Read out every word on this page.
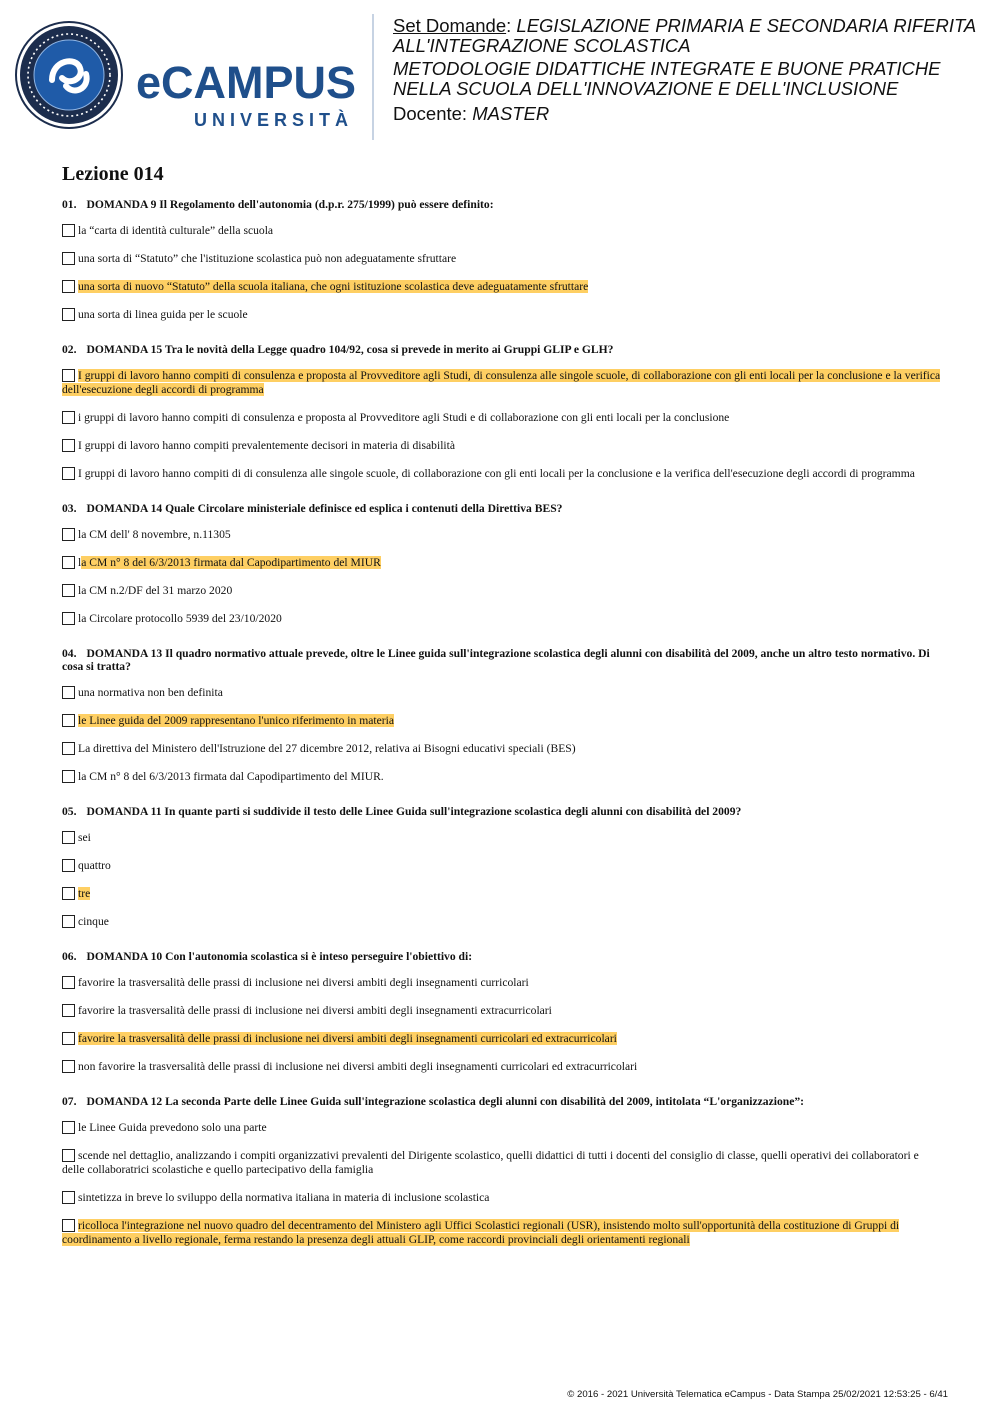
eCAMPUS
UNIVERSITÀ
Set Domande: LEGISLAZIONE PRIMARIA E SECONDARIA RIFERITA
ALL'INTEGRAZIONE SCOLASTICA
METODOLOGIE DIDATTICHE INTEGRATE E BUONE PRATICHE
NELLA SCUOLA DELL'INNOVAZIONE E DELL'INCLUSIONE
Docente: MASTER
Lezione 014
01. DOMANDA 9 Il Regolamento dell'autonomia (d.p.r. 275/1999) può essere definito:
la “carta di identità culturale” della scuola
una sorta di “Statuto” che l'istituzione scolastica può non adeguatamente sfruttare
una sorta di nuovo “Statuto” della scuola italiana, che ogni istituzione scolastica deve adeguatamente sfruttare
una sorta di linea guida per le scuole
02. DOMANDA 15 Tra le novità della Legge quadro 104/92, cosa si prevede in merito ai Gruppi GLIP e GLH?
I gruppi di lavoro hanno compiti di consulenza e proposta al Provveditore agli Studi, di consulenza alle singole scuole, di collaborazione con gli enti locali per la conclusione e la verifica dell'esecuzione degli accordi di programma
i gruppi di lavoro hanno compiti di consulenza e proposta al Provveditore agli Studi e di collaborazione con gli enti locali per la conclusione
I gruppi di lavoro hanno compiti prevalentemente decisori in materia di disabilità
I gruppi di lavoro hanno compiti di di consulenza alle singole scuole, di collaborazione con gli enti locali per la conclusione e la verifica dell'esecuzione degli accordi di programma
03. DOMANDA 14 Quale Circolare ministeriale definisce ed esplica i contenuti della Direttiva BES?
la CM dell' 8 novembre, n.11305
la CM n° 8 del 6/3/2013 firmata dal Capodipartimento del MIUR
la CM n.2/DF del 31 marzo 2020
la Circolare protocollo 5939 del 23/10/2020
04. DOMANDA 13 Il quadro normativo attuale prevede, oltre le Linee guida sull'integrazione scolastica degli alunni con disabilità del 2009, anche un altro testo normativo. Di cosa si tratta?
una normativa non ben definita
le Linee guida del 2009 rappresentano l'unico riferimento in materia
La direttiva del Ministero dell'Istruzione del 27 dicembre 2012, relativa ai Bisogni educativi speciali (BES)
la CM n° 8 del 6/3/2013 firmata dal Capodipartimento del MIUR.
05. DOMANDA 11 In quante parti si suddivide il testo delle Linee Guida sull'integrazione scolastica degli alunni con disabilità del 2009?
sei
quattro
tre
cinque
06. DOMANDA 10 Con l'autonomia scolastica si è inteso perseguire l'obiettivo di:
favorire la trasversalità delle prassi di inclusione nei diversi ambiti degli insegnamenti curricolari
favorire la trasversalità delle prassi di inclusione nei diversi ambiti degli insegnamenti extracurricolari
favorire la trasversalità delle prassi di inclusione nei diversi ambiti degli insegnamenti curricolari ed extracurricolari
non favorire la trasversalità delle prassi di inclusione nei diversi ambiti degli insegnamenti curricolari ed extracurricolari
07. DOMANDA 12 La seconda Parte delle Linee Guida sull'integrazione scolastica degli alunni con disabilità del 2009, intitolata “L'organizzazione”:
le Linee Guida prevedono solo una parte
scende nel dettaglio, analizzando i compiti organizzativi prevalenti del Dirigente scolastico, quelli didattici di tutti i docenti del consiglio di classe, quelli operativi dei collaboratori e delle collaboratrici scolastiche e quello partecipativo della famiglia
sintetizza in breve lo sviluppo della normativa italiana in materia di inclusione scolastica
ricolloca l'integrazione nel nuovo quadro del decentramento del Ministero agli Uffici Scolastici regionali (USR), insistendo molto sull'opportunità della costituzione di Gruppi di coordinamento a livello regionale, ferma restando la presenza degli attuali GLIP, come raccordi provinciali degli orientamenti regionali
© 2016 - 2021 Università Telematica eCampus - Data Stampa 25/02/2021 12:53:25 - 6/41
